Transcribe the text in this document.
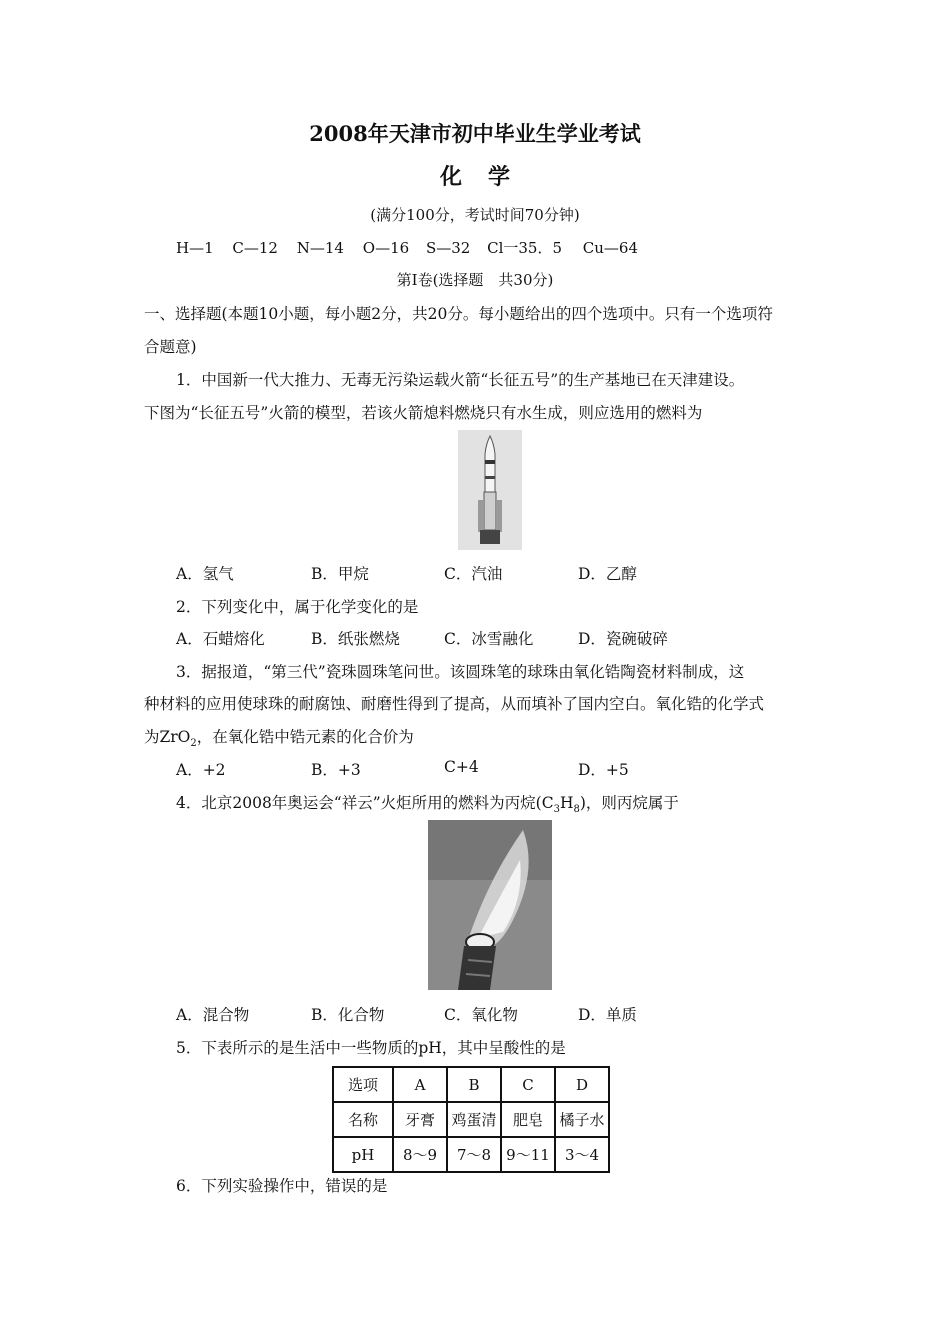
2008年天津市初中毕业生学业考试
化学
(满分100分，考试时间70分钟)
H—1 C—12 N—14 O—16 S—32 Cl一35．5 Cu—64
第Ⅰ卷(选择题　共30分)
一、选择题(本题10小题，每小题2分，共20分。每小题给出的四个选项中。只有一个选项符
合题意)
1．中国新一代大推力、无毒无污染运载火箭“长征五号”的生产基地已在天津建设。
下图为“长征五号”火箭的模型，若该火箭熄料燃烧只有水生成，则应选用的燃料为
A．氢气	B．甲烷	C．汽油	D．乙醇
2．下列变化中，属于化学变化的是
A．石蜡熔化	B．纸张燃烧	C．冰雪融化	D．瓷碗破碎
3．据报道，“第三代”瓷珠圆珠笔问世。该圆珠笔的球珠由氧化锆陶瓷材料制成，这
种材料的应用使球珠的耐腐蚀、耐磨性得到了提高，从而填补了国内空白。氧化锆的化学式
为ZrO$_2$，在氧化锆中锆元素的化合价为
A．+2	B．+3	C+4	D．+5
4．北京2008年奥运会“祥云”火炬所用的燃料为丙烷$(C_3H_8)$，则丙烷属于
A．混合物	B．化合物	C．氧化物	D．单质
5．下表所示的是生活中一些物质的pH，其中呈酸性的是
选项	A	B	C	D
名称	牙膏	鸡蛋清	肥皂	橘子水
pH	8～9	7～8	9～11	3～4
6．下列实验操作中，错误的是
